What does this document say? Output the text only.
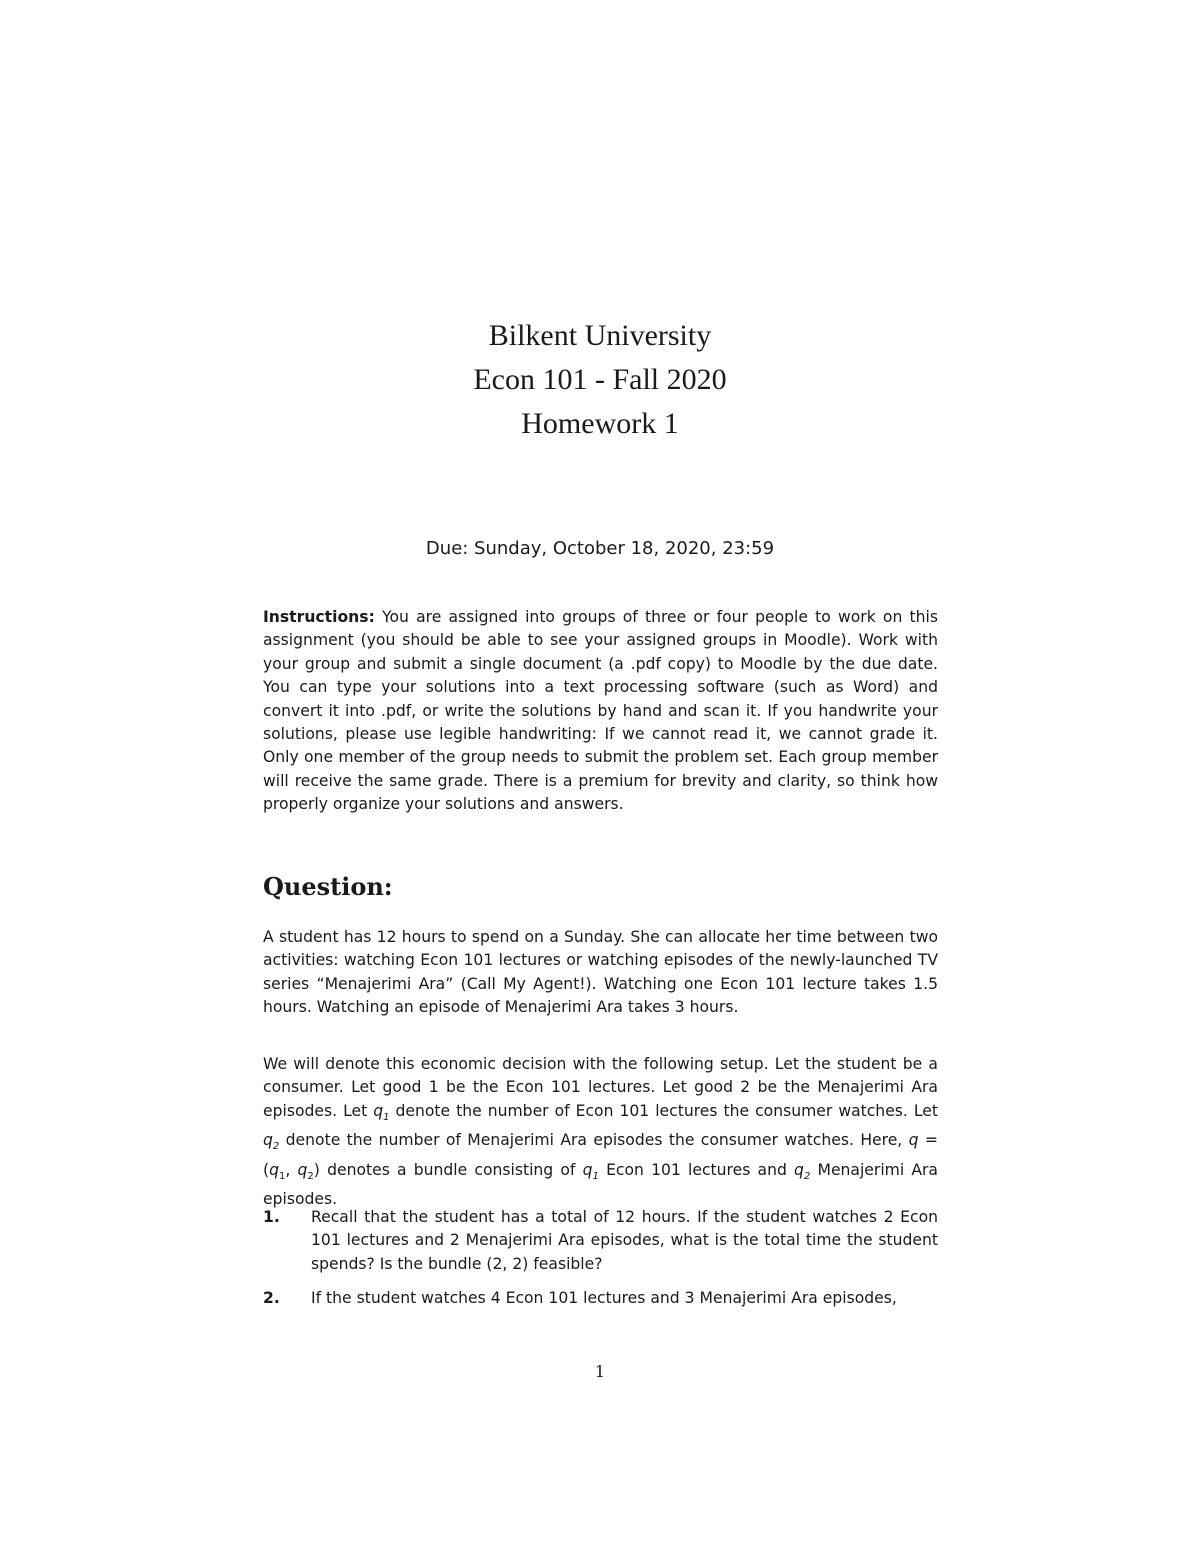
Bilkent University
Econ 101 - Fall 2020
Homework 1
Due: Sunday, October 18, 2020, 23:59
Instructions: You are assigned into groups of three or four people to work on this assignment (you should be able to see your assigned groups in Moodle). Work with your group and submit a single document (a .pdf copy) to Moodle by the due date. You can type your solutions into a text processing software (such as Word) and convert it into .pdf, or write the solutions by hand and scan it. If you handwrite your solutions, please use legible handwriting: If we cannot read it, we cannot grade it. Only one member of the group needs to submit the problem set. Each group member will receive the same grade. There is a premium for brevity and clarity, so think how properly organize your solutions and answers.
Question:
A student has 12 hours to spend on a Sunday. She can allocate her time between two activities: watching Econ 101 lectures or watching episodes of the newly-launched TV series “Menajerimi Ara” (Call My Agent!). Watching one Econ 101 lecture takes 1.5 hours. Watching an episode of Menajerimi Ara takes 3 hours.
We will denote this economic decision with the following setup. Let the student be a consumer. Let good 1 be the Econ 101 lectures. Let good 2 be the Menajerimi Ara episodes. Let $q_1$ denote the number of Econ 101 lectures the consumer watches. Let $q_2$ denote the number of Menajerimi Ara episodes the consumer watches. Here, $q = (q_1$, $q_2$) denotes a bundle consisting of $q_1$ Econ 101 lectures and $q_2$ Menajerimi Ara episodes.
1. Recall that the student has a total of 12 hours. If the student watches 2 Econ 101 lectures and 2 Menajerimi Ara episodes, what is the total time the student spends? Is the bundle (2, 2) feasible?
2. If the student watches 4 Econ 101 lectures and 3 Menajerimi Ara episodes,
1
